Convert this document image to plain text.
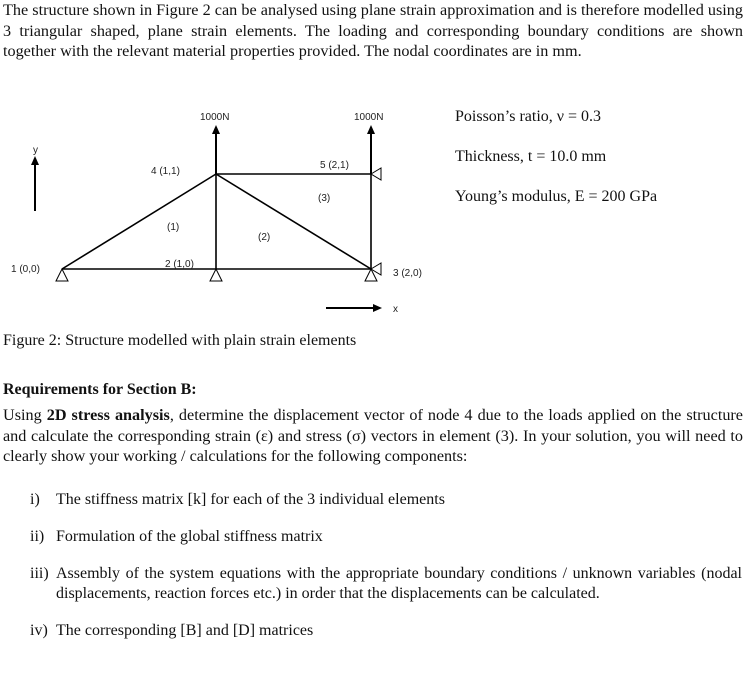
The structure shown in Figure 2 can be analysed using plane strain approximation and is therefore modelled using 3 triangular shaped, plane strain elements. The loading and corresponding boundary conditions are shown together with the relevant material properties provided. The nodal coordinates are in mm.
y
1000N	1000N
1 (0,0)	2 (1,0)
3 (2,0)
4 (1,1)
5 (2,1)
(1)
(2)
(3)
x
Poisson’s ratio, ν = 0.3
Thickness, t = 10.0 mm
Young’s modulus, E = 200 GPa
Figure 2: Structure modelled with plain strain elements
Requirements for Section B:
Using 2D stress analysis, determine the displacement vector of node 4 due to the loads applied on the structure and calculate the corresponding strain (ε) and stress (σ) vectors in element (3). In your solution, you will need to clearly show your working / calculations for the following components:
i)	The stiffness matrix [k] for each of the 3 individual elements
ii) Formulation of the global stiffness matrix
iii) Assembly of the system equations with the appropriate boundary conditions / unknown variables (nodal displacements, reaction forces etc.) in order that the displacements can be calculated.
iv) The corresponding [B] and [D] matrices
